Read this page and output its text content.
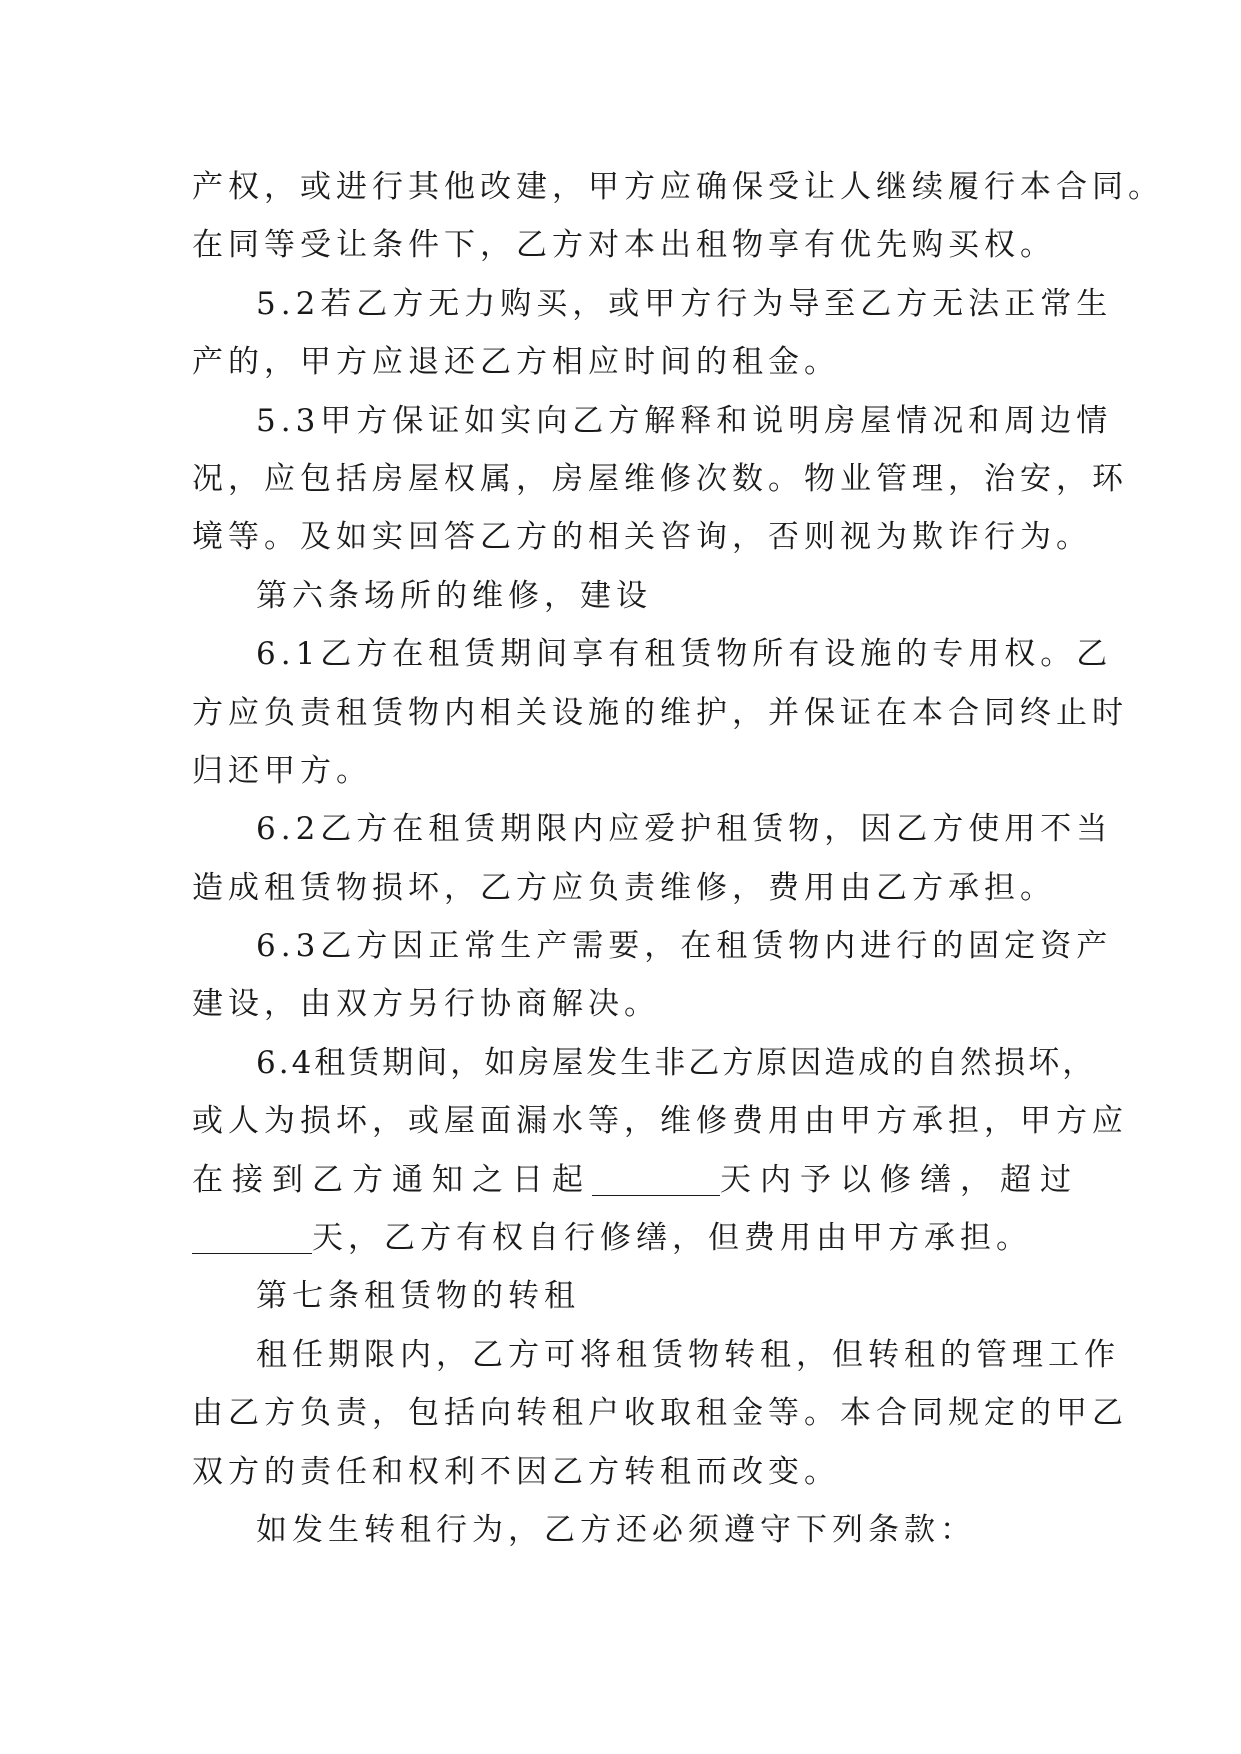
产权，或进行其他改建，甲方应确保受让人继续履行本合同。
在同等受让条件下，乙方对本出租物享有优先购买权。
5.2若乙方无力购买，或甲方行为导至乙方无法正常生
产的，甲方应退还乙方相应时间的租金。
5.3甲方保证如实向乙方解释和说明房屋情况和周边情
况，应包括房屋权属，房屋维修次数。物业管理，治安，环
境等。及如实回答乙方的相关咨询，否则视为欺诈行为。
第六条场所的维修，建设
6.1乙方在租赁期间享有租赁物所有设施的专用权。乙
方应负责租赁物内相关设施的维护，并保证在本合同终止时
归还甲方。
6.2乙方在租赁期限内应爱护租赁物，因乙方使用不当
造成租赁物损坏，乙方应负责维修，费用由乙方承担。
6.3乙方因正常生产需要，在租赁物内进行的固定资产
建设，由双方另行协商解决。
6.4租赁期间，如房屋发生非乙方原因造成的自然损坏，
或人为损坏，或屋面漏水等，维修费用由甲方承担，甲方应
在接到乙方通知之日起	天内予以修缮，超过
天，乙方有权自行修缮，但费用由甲方承担。
第七条租赁物的转租
租任期限内，乙方可将租赁物转租，但转租的管理工作
由乙方负责，包括向转租户收取租金等。本合同规定的甲乙
双方的责任和权利不因乙方转租而改变。
如发生转租行为，乙方还必须遵守下列条款：
